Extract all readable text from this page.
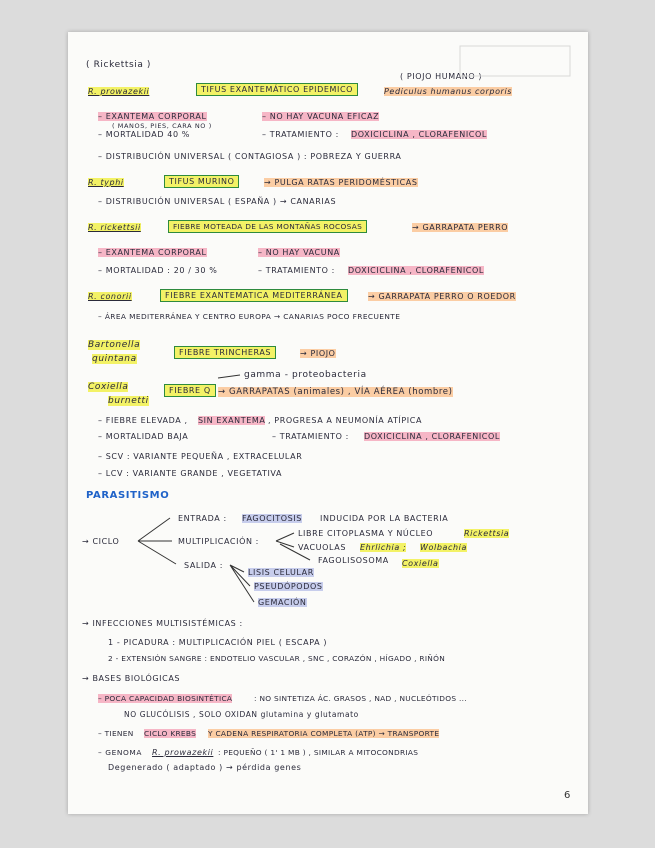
( Rickettsia )
( PIOJO HUMANO )
R. prowazekii	TIFUS EXANTEMÁTICO EPIDEMICO	Pediculus humanus corporis
– EXANTEMA CORPORAL
( MANOS, PIES, CARA NO )
– NO HAY VACUNA EFICAZ
– MORTALIDAD 40 %	– TRATAMIENTO : DOXICICLINA , CLORAFENICOL
– DISTRIBUCIÓN UNIVERSAL ( CONTAGIOSA ) : POBREZA Y GUERRA
R. typhi	TIFUS MURINO	→ PULGA RATAS PERIDOMÉSTICAS
– DISTRIBUCIÓN UNIVERSAL ( ESPAÑA ) → CANARIAS
R. rickettsii	FIEBRE MOTEADA DE LAS MONTAÑAS ROCOSAS	→ GARRAPATA PERRO
– EXANTEMA CORPORAL	– NO HAY VACUNA
– MORTALIDAD : 20 / 30 %	– TRATAMIENTO : DOXICICLINA , CLORAFENICOL
R. conorii	FIEBRE EXANTEMATICA MEDITERRÁNEA	→ GARRAPATA PERRO O ROEDOR
– ÁREA MEDITERRÁNEA Y CENTRO EUROPA → CANARIAS POCO FRECUENTE
Bartonella
quintana
FIEBRE TRINCHERAS	→ PIOJO
Coxiella
burnetti
gamma - proteobacteria
FIEBRE Q → GARRAPATAS (animales) , VÍA AÉREA (hombre)
– FIEBRE ELEVADA , SIN EXANTEMA , PROGRESA A NEUMONÍA ATÍPICA
– MORTALIDAD BAJA	– TRATAMIENTO : DOXICICLINA , CLORAFENICOL
– SCV : VARIANTE PEQUEÑA , EXTRACELULAR
– LCV : VARIANTE GRANDE , VEGETATIVA
PARASITISMO
→ CICLO
ENTRADA : FAGOCITOSIS INDUCIDA POR LA BACTERIA
MULTIPLICACIÓN :
LIBRE CITOPLASMA Y NÚCLEO	Rickettsia
VACUOLAS Ehrlichia ; Wolbachia
FAGOLISOSOMA Coxiella
SALIDA :
LISIS CELULAR
PSEUDÓPODOS
GEMACIÓN
→ INFECCIONES MULTISISTÉMICAS :
1 - PICADURA : MULTIPLICACIÓN PIEL ( ESCAPA )
2 - EXTENSIÓN SANGRE : ENDOTELIO VASCULAR , SNC , CORAZÓN , HÍGADO , RIÑÓN
→ BASES BIOLÓGICAS
– POCA CAPACIDAD BIOSINTÉTICA	: NO SINTETIZA ÁC. GRASOS , NAD , NUCLEÓTIDOS ...
NO GLUCÓLISIS , SOLO OXIDAN glutamina y glutamato
– TIENEN CICLO KREBS Y CADENA RESPIRATORIA COMPLETA (ATP) → TRANSPORTE
– GENOMA R. prowazekii : PEQUEÑO ( 1' 1 MB ) , SIMILAR A MITOCONDRIAS
Degenerado ( adaptado ) → pérdida genes
6
